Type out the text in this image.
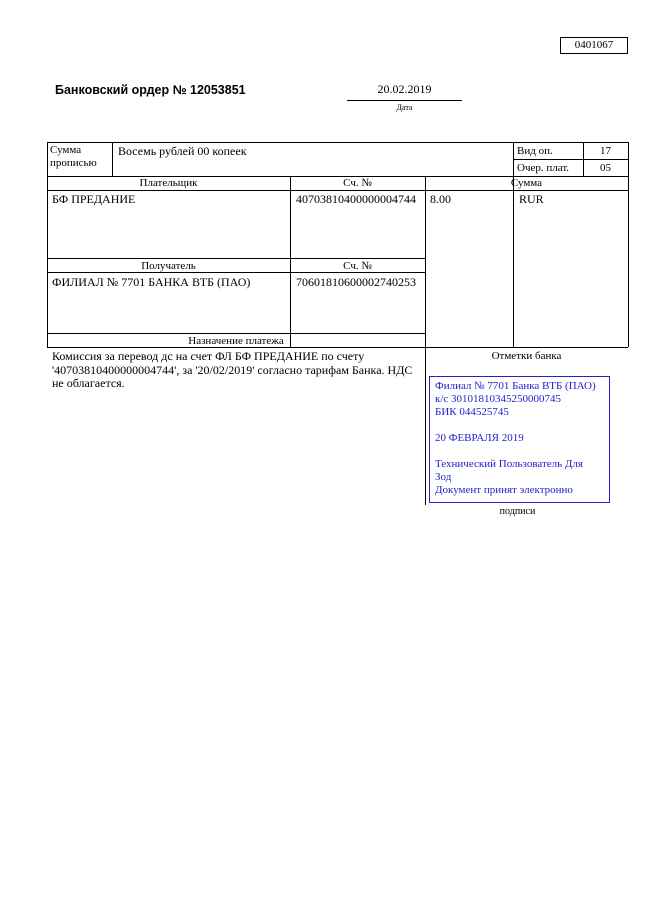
0401067
Банковский ордер № 12053851	20.02.2019
Дата
Сумма
прописью
Восемь рублей 00 копеек	Вид оп.	17
Очер. плат.	05
Плательщик	Сч. №	Сумма
БФ ПРЕДАНИЕ	40703810400000004744 8.00	RUR
Получатель	Сч. №
ФИЛИАЛ № 7701 БАНКА ВТБ (ПАО)	70601810600002740253
Назначение платежа
Комиссия за перевод дс на счет ФЛ БФ ПРЕДАНИЕ по счету '40703810400000004744', за '20/02/2019' согласно тарифам Банка. НДС не облагается.
Отметки банка
Филиал № 7701 Банка ВТБ (ПАО)
к/с 30101810345250000745
БИК 044525745
20 ФЕВРАЛЯ 2019
Технический Пользователь Для
Зод
Документ принят электронно
подписи
